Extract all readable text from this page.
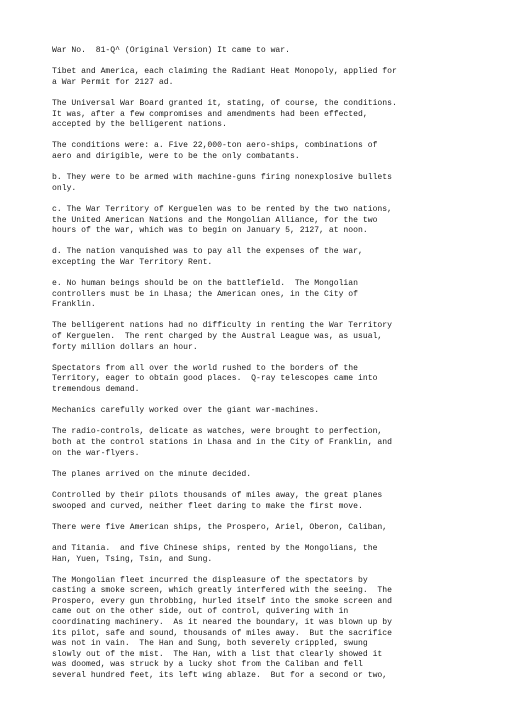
War No.  81-Q^ (Original Version) It came to war.
Tibet and America, each claiming the Radiant Heat Monopoly, applied for
a War Permit for 2127 ad.
The Universal War Board granted it, stating, of course, the conditions.
It was, after a few compromises and amendments had been effected,
accepted by the belligerent nations.
The conditions were: a. Five 22,000-ton aero-ships, combinations of
aero and dirigible, were to be the only combatants.
b. They were to be armed with machine-guns firing nonexplosive bullets
only.
c. The War Territory of Kerguelen was to be rented by the two nations,
the United American Nations and the Mongolian Alliance, for the two
hours of the war, which was to begin on January 5, 2127, at noon.
d. The nation vanquished was to pay all the expenses of the war,
excepting the War Territory Rent.
e. No human beings should be on the battlefield.  The Mongolian
controllers must be in Lhasa; the American ones, in the City of
Franklin.
The belligerent nations had no difficulty in renting the War Territory
of Kerguelen.  The rent charged by the Austral League was, as usual,
forty million dollars an hour.
Spectators from all over the world rushed to the borders of the
Territory, eager to obtain good places.  Q-ray telescopes came into
tremendous demand.
Mechanics carefully worked over the giant war-machines.
The radio-controls, delicate as watches, were brought to perfection,
both at the control stations in Lhasa and in the City of Franklin, and
on the war-flyers.
The planes arrived on the minute decided.
Controlled by their pilots thousands of miles away, the great planes
swooped and curved, neither fleet daring to make the first move.
There were five American ships, the Prospero, Ariel, Oberon, Caliban,
and Titania.  and five Chinese ships, rented by the Mongolians, the
Han, Yuen, Tsing, Tsin, and Sung.
The Mongolian fleet incurred the displeasure of the spectators by
casting a smoke screen, which greatly interfered with the seeing.  The
Prospero, every gun throbbing, hurled itself into the smoke screen and
came out on the other side, out of control, quivering with in
coordinating machinery.  As it neared the boundary, it was blown up by
its pilot, safe and sound, thousands of miles away.  But the sacrifice
was not in vain.  The Han and Sung, both severely crippled, swung
slowly out of the mist.  The Han, with a list that clearly showed it
was doomed, was struck by a lucky shot from the Caliban and fell
several hundred feet, its left wing ablaze.  But for a second or two,
